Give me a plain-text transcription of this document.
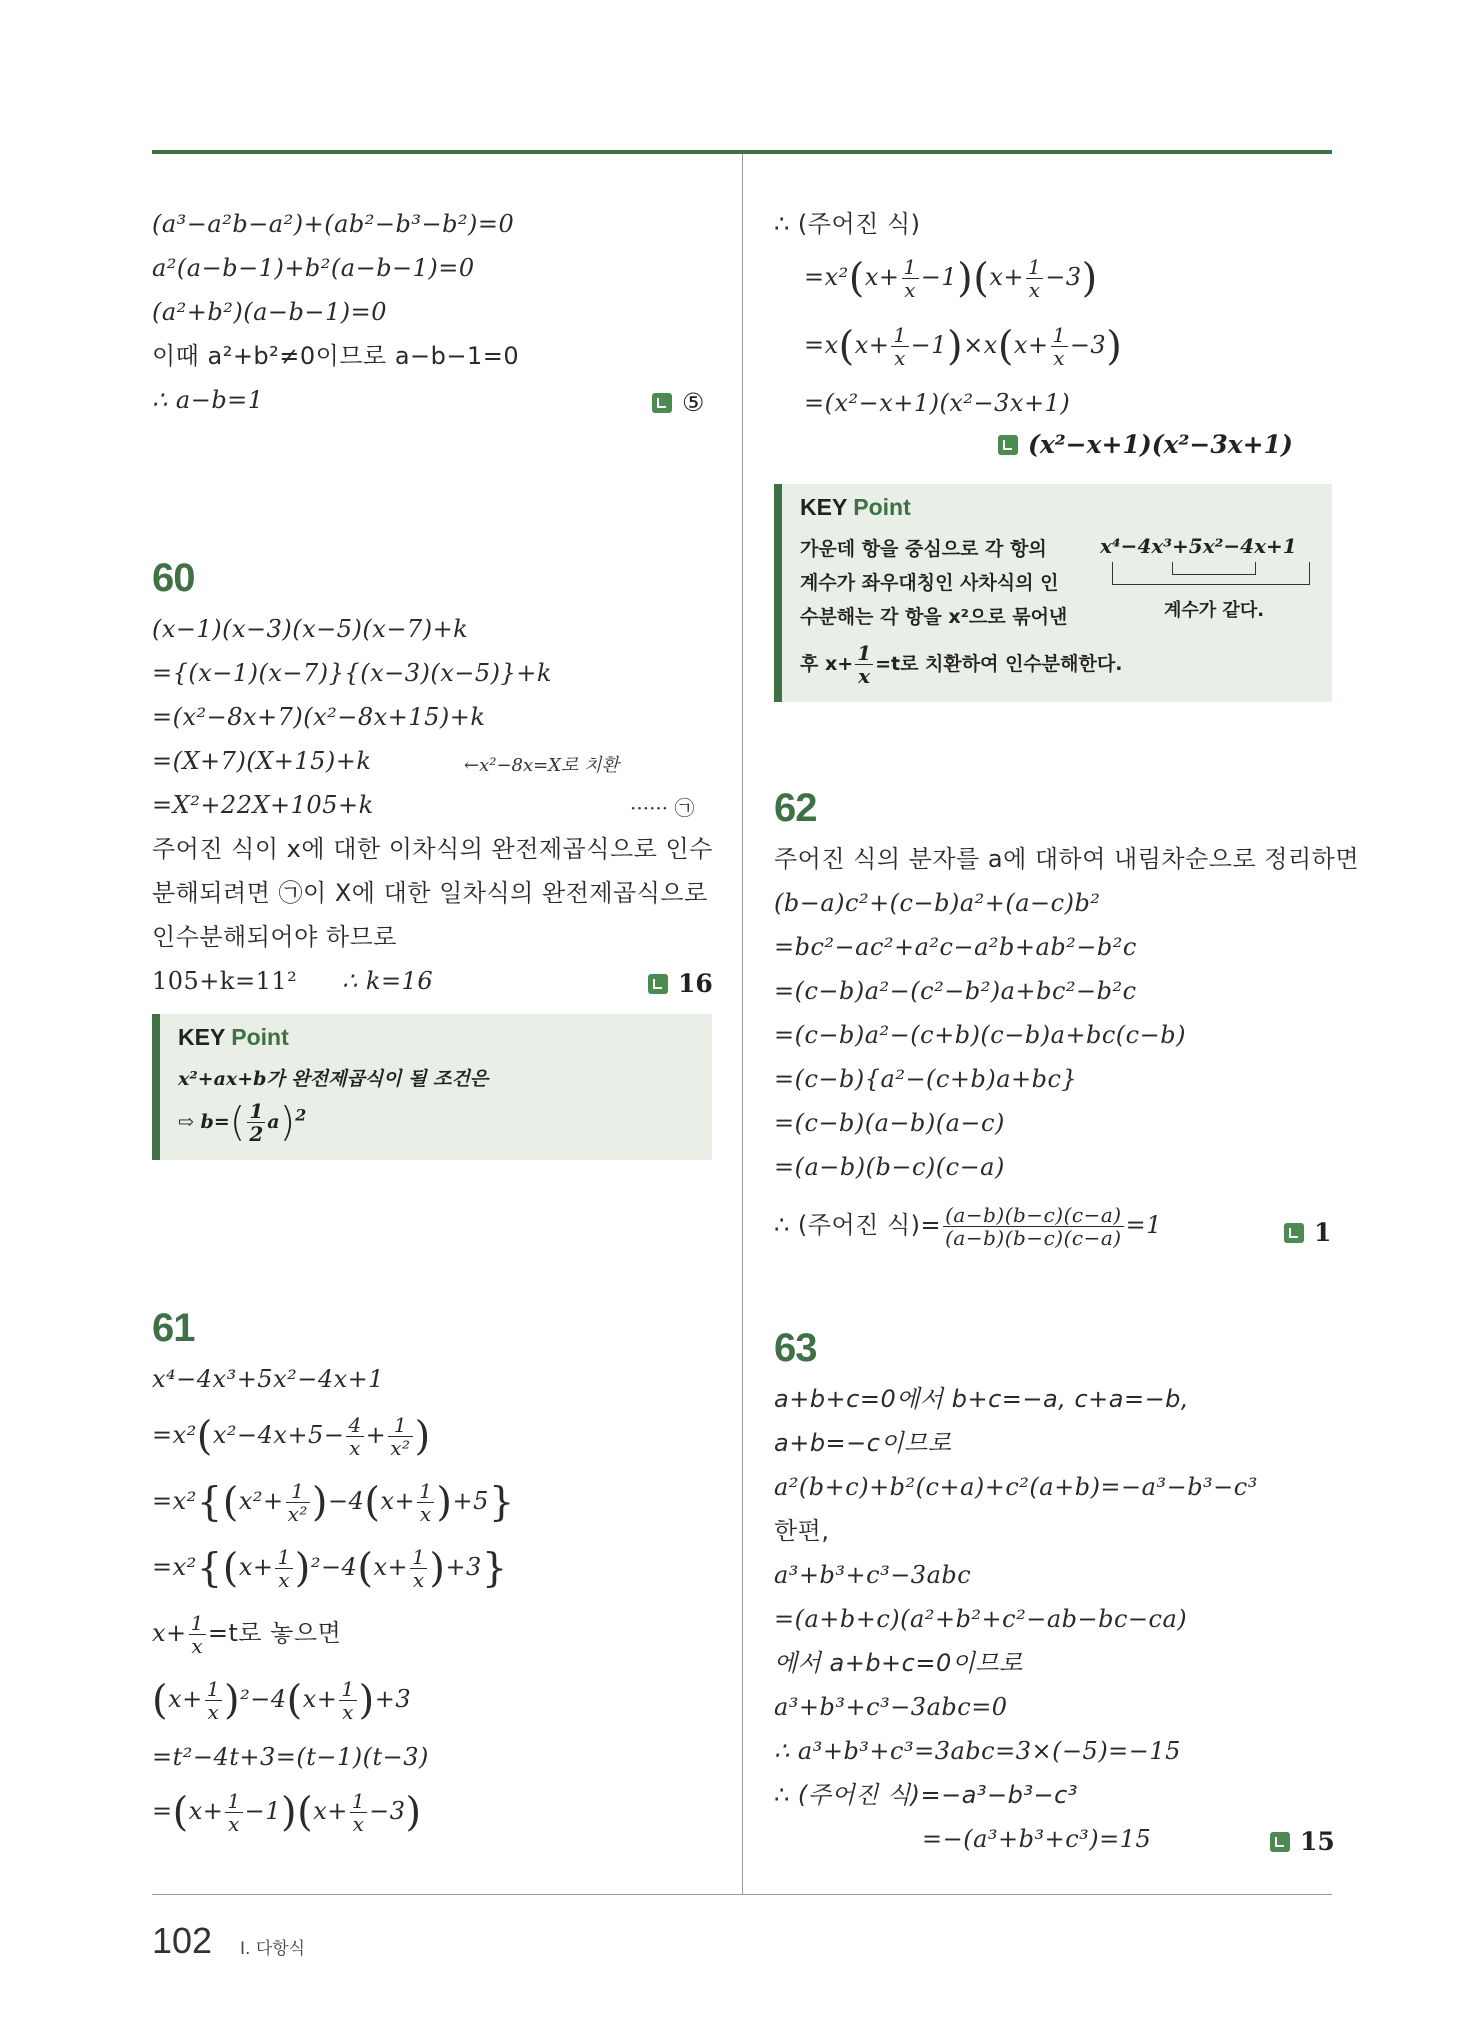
(a³−a²b−a²)+(ab²−b³−b²)=0
a²(a−b−1)+b²(a−b−1)=0
(a²+b²)(a−b−1)=0
이때 a²+b²≠0이므로 a−b−1=0
∴ a−b=1	⑤
60
(x−1)(x−3)(x−5)(x−7)+k
={(x−1)(x−7)}{(x−3)(x−5)}+k
=(x²−8x+7)(x²−8x+15)+k
=(X+7)(X+15)+k	←x²−8x=X로 치환
=X²+22X+105+k	······ ㉠
주어진 식이 x에 대한 이차식의 완전제곱식으로 인수
분해되려면 ㉠이 X에 대한 일차식의 완전제곱식으로
인수분해되어야 하므로
105+k=11² ∴ k=16	16
KEY Point
x²+ax+b가 완전제곱식이 될 조건은
⇨ $b=( \frac{1}{2} a)^2$
61
x⁴−4x³+5x²−4x+1
$=x^2(x^2-4x+5- \frac{4}{x} + \frac{1}{\text{x²}}$ )
$=x^2\{(x^2+ \frac{1}{\text{x²}} )-4(x+ \frac{1}{x} )+5\}$
$=x^2\{(x+ \frac{1}{x} )^2-4(x+ \frac{1}{x} )+3\}$
$x+ \frac{1}{x} =t$로 놓으면
$(x+ \frac{1}{x} )^2-4(x+ \frac{1}{x} )+3$
=t²−4t+3=(t−1)(t−3)
$=(x+ \frac{1}{x} -1)(x+ \frac{1}{x} -3)$
∴ (주어진 식)
$=x^2(x+ \frac{1}{x} -1)(x+ \frac{1}{x} -3)$
$=x(x+ \frac{1}{x} -1)\times x(x+ \frac{1}{x} -3)$
=(x²−x+1)(x²−3x+1)
(x²−x+1)(x²−3x+1)
KEY Point
가운데 항을 중심으로 각 항의
계수가 좌우대칭인 사차식의 인
수분해는 각 항을 x²으로 묶어낸
후 $x+ \frac{1}{x} =t$로 치환하여 인수분해한다.
x⁴−4x³+5x²−4x+1
계수가 같다.
62
주어진 식의 분자를 a에 대하여 내림차순으로 정리하면
(b−a)c²+(c−b)a²+(a−c)b²
=bc²−ac²+a²c−a²b+ab²−b²c
=(c−b)a²−(c²−b²)a+bc²−b²c
=(c−b)a²−(c+b)(c−b)a+bc(c−b)
=(c−b){a²−(c+b)a+bc}
=(c−b)(a−b)(a−c)
=(a−b)(b−c)(c−a)
∴ (주어진 식)= $\frac{(a-b)(b-c)(c-a)}{(a-b)(b-c)(c-a)} =1$	1
63
a+b+c=0에서 b+c=−a, c+a=−b,
a+b=−c이므로
a²(b+c)+b²(c+a)+c²(a+b)=−a³−b³−c³
한편,
a³+b³+c³−3abc
=(a+b+c)(a²+b²+c²−ab−bc−ca)
에서 a+b+c=0이므로
a³+b³+c³−3abc=0
∴ a³+b³+c³=3abc=3×(−5)=−15
∴ (주어진 식)=−a³−b³−c³
=−(a³+b³+c³)=15	15
102 Ⅰ. 다항식
